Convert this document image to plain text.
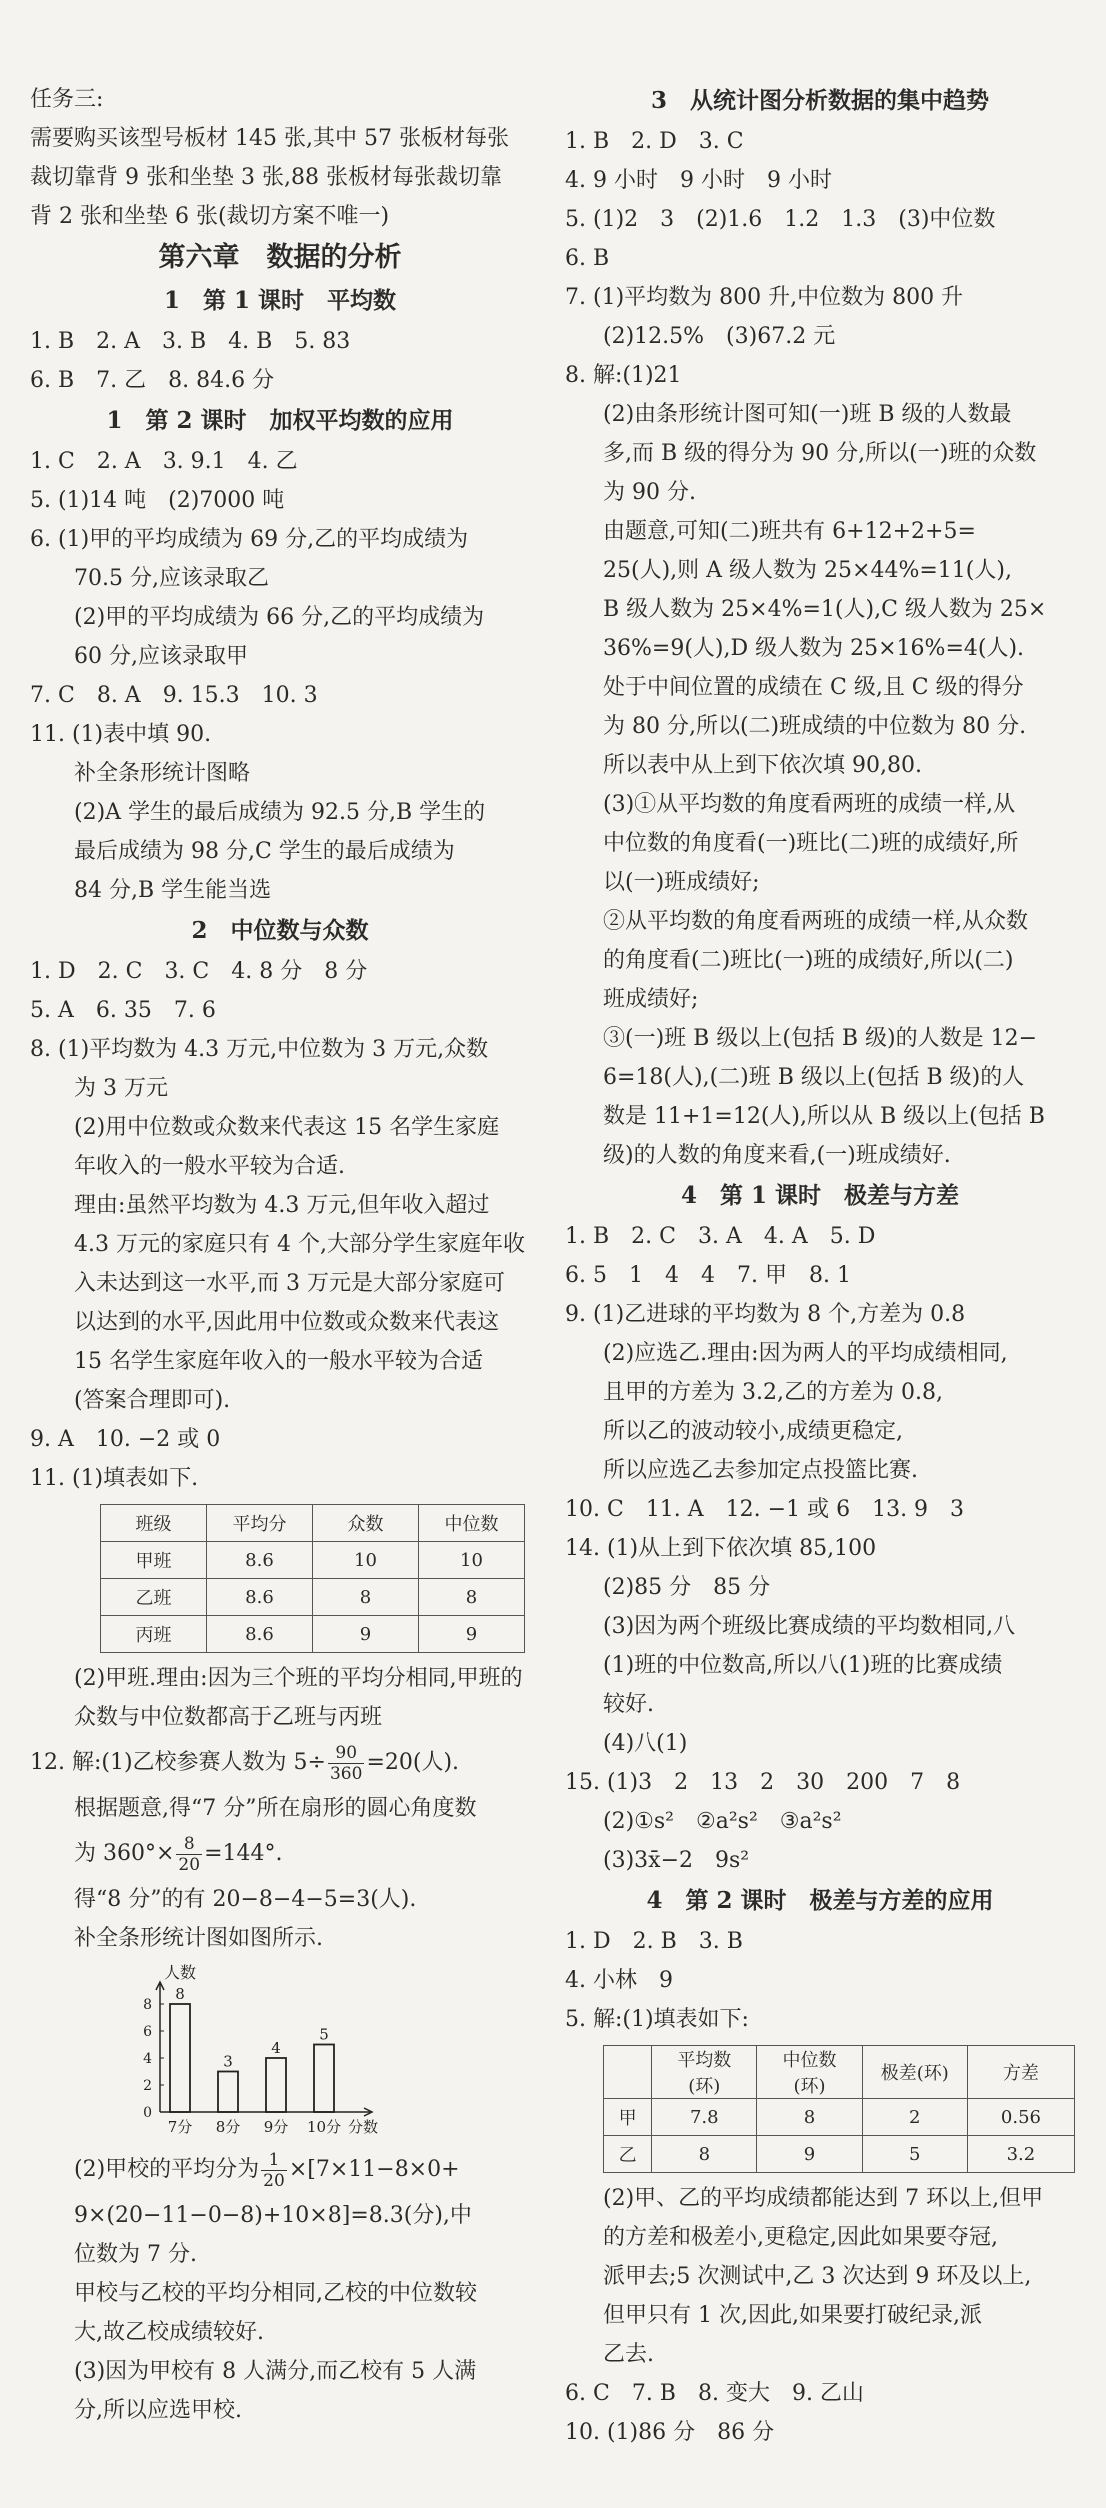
任务三:
需要购买该型号板材 145 张,其中 57 张板材每张
裁切靠背 9 张和坐垫 3 张,88 张板材每张裁切靠
背 2 张和坐垫 6 张(裁切方案不唯一)
第六章　数据的分析
1　第 1 课时　平均数
1. B　2. A　3. B　4. B　5. 83
6. B　7. 乙　8. 84.6 分
1　第 2 课时　加权平均数的应用
1. C　2. A　3. 9.1　4. 乙
5. (1)14 吨　(2)7000 吨
6. (1)甲的平均成绩为 69 分,乙的平均成绩为
70.5 分,应该录取乙
(2)甲的平均成绩为 66 分,乙的平均成绩为
60 分,应该录取甲
7. C　8. A　9. 15.3　10. 3
11. (1)表中填 90.
补全条形统计图略
(2)A 学生的最后成绩为 92.5 分,B 学生的
最后成绩为 98 分,C 学生的最后成绩为
84 分,B 学生能当选
2　中位数与众数
1. D　2. C　3. C　4. 8 分　8 分
5. A　6. 35　7. 6
8. (1)平均数为 4.3 万元,中位数为 3 万元,众数
为 3 万元
(2)用中位数或众数来代表这 15 名学生家庭
年收入的一般水平较为合适.
理由:虽然平均数为 4.3 万元,但年收入超过
4.3 万元的家庭只有 4 个,大部分学生家庭年收
入未达到这一水平,而 3 万元是大部分家庭可
以达到的水平,因此用中位数或众数来代表这
15 名学生家庭年收入的一般水平较为合适
(答案合理即可).
9. A　10. −2 或 0
11. (1)填表如下.
班级	平均分	众数	中位数
甲班	8.6	10	10
乙班	8.6	8	8
丙班	8.6	9	9
(2)甲班.理由:因为三个班的平均分相同,甲班的
众数与中位数都高于乙班与丙班
12. 解:(1)乙校参赛人数为 $5\div \frac{90}{360} =20$(人).
根据题意,得“7 分”所在扇形的圆心角度数
为 $360^\circ\times \frac{8}{20} =144^\circ$.
得“8 分”的有 20−8−4−5=3(人).
补全条形统计图如图所示.
人数
0
2
4
6
8
8
7分
3
8分
4
9分
5
10分 分数
(2)甲校的平均分为 $\frac{1}{20} \times[7\times 11-8\times 0+$
9×(20−11−0−8)+10×8]=8.3(分),中
位数为 7 分.
甲校与乙校的平均分相同,乙校的中位数较
大,故乙校成绩较好.
(3)因为甲校有 8 人满分,而乙校有 5 人满
分,所以应选甲校.
3　从统计图分析数据的集中趋势
1. B　2. D　3. C
4. 9 小时　9 小时　9 小时
5. (1)2　3　(2)1.6　1.2　1.3　(3)中位数
6. B
7. (1)平均数为 800 升,中位数为 800 升
(2)12.5%　(3)67.2 元
8. 解:(1)21
(2)由条形统计图可知(一)班 B 级的人数最
多,而 B 级的得分为 90 分,所以(一)班的众数
为 90 分.
由题意,可知(二)班共有 6+12+2+5=
25(人),则 A 级人数为 25×44%=11(人),
B 级人数为 25×4%=1(人),C 级人数为 25×
36%=9(人),D 级人数为 25×16%=4(人).
处于中间位置的成绩在 C 级,且 C 级的得分
为 80 分,所以(二)班成绩的中位数为 80 分.
所以表中从上到下依次填 90,80.
(3)①从平均数的角度看两班的成绩一样,从
中位数的角度看(一)班比(二)班的成绩好,所
以(一)班成绩好;
②从平均数的角度看两班的成绩一样,从众数
的角度看(二)班比(一)班的成绩好,所以(二)
班成绩好;
③(一)班 B 级以上(包括 B 级)的人数是 12−
6=18(人),(二)班 B 级以上(包括 B 级)的人
数是 11+1=12(人),所以从 B 级以上(包括 B
级)的人数的角度来看,(一)班成绩好.
4　第 1 课时　极差与方差
1. B　2. C　3. A　4. A　5. D
6. 5　1　4　4　7. 甲　8. 1
9. (1)乙进球的平均数为 8 个,方差为 0.8
(2)应选乙.理由:因为两人的平均成绩相同,
且甲的方差为 3.2,乙的方差为 0.8,
所以乙的波动较小,成绩更稳定,
所以应选乙去参加定点投篮比赛.
10. C　11. A　12. −1 或 6　13. 9　3
14. (1)从上到下依次填 85,100
(2)85 分　85 分
(3)因为两个班级比赛成绩的平均数相同,八
(1)班的中位数高,所以八(1)班的比赛成绩
较好.
(4)八(1)
15. (1)3　2　13　2　30　200　7　8
(2)①s²　②a²s²　③a²s²
(3)3x̄−2　9s²
4　第 2 课时　极差与方差的应用
1. D　2. B　3. B
4. 小林　9
5. 解:(1)填表如下:
	平均数(环)	中位数(环)	极差(环)	方差
甲	7.8	8	2	0.56
乙	8	9	5	3.2
(2)甲、乙的平均成绩都能达到 7 环以上,但甲
的方差和极差小,更稳定,因此如果要夺冠,
派甲去;5 次测试中,乙 3 次达到 9 环及以上,
但甲只有 1 次,因此,如果要打破纪录,派
乙去.
6. C　7. B　8. 变大　9. 乙山
10. (1)86 分　86 分
